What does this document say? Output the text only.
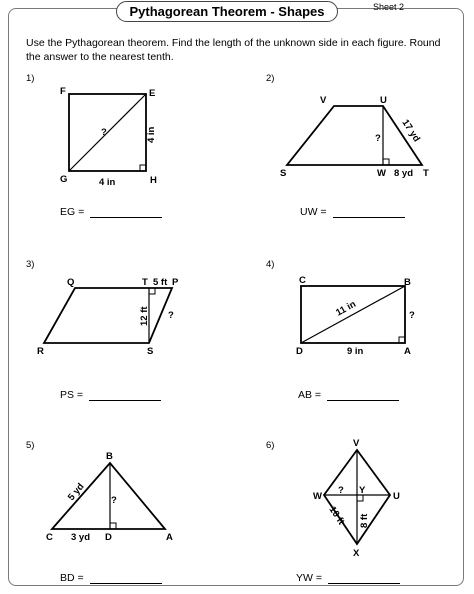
Pythagorean Theorem - Shapes	Sheet 2
Use the Pythagorean theorem. Find the length of the unknown side in each figure. Round the answer to the nearest tenth.
1)	2)
3)	4)
5)	6)
F	E
G	H
?
4 in
4 in
V	U
S	W	T
?
8 yd
17 yd
Q	T	P
R	S
5 ft
?
12 ft
C	B
D	A
?
9 in
11 in
B
C	D	A
?
3 yd
5 yd
V
W
Y
U
X
?
8 ft
10 ft
EG =	UW =
PS =	AB =
BD =	YW =
